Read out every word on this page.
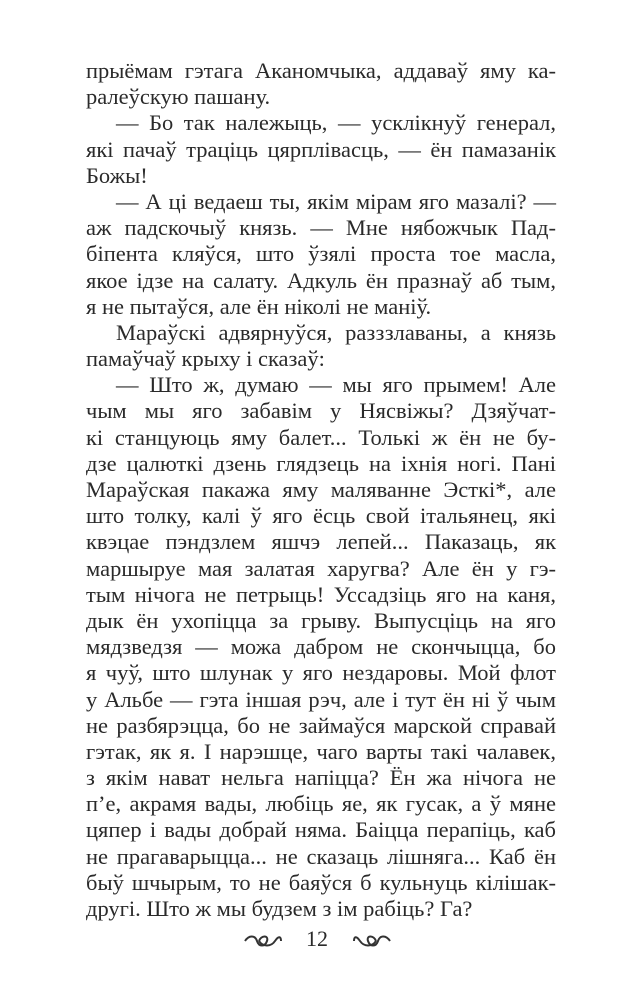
прыёмам гэтага Аканомчыка, аддаваў яму ка-
ралеўскую пашану.
— Бо так належыць, — усклікнуў генерал,
які пачаў траціць цярплівасць, — ён памазанік
Божы!
— А ці ведаеш ты, якім мірам яго мазалі? —
аж падскочыў князь. — Мне нябожчык Пад-
біпента кляўся, што ўзялі проста тое масла,
якое ідзе на салату. Адкуль ён празнаў аб тым,
я не пытаўся, але ён ніколі не маніў.
Мараўскі адвярнуўся, разззлаваны, а князь
памаўчаў крыху і сказаў:
— Што ж, думаю — мы яго прымем! Але
чым мы яго забавім у Нясвіжы? Дзяўчат-
кі станцуюць яму балет... Толькі ж ён не бу-
дзе цалюткі дзень глядзець на іхнія ногі. Пані
Мараўская пакажа яму маляванне Эсткі*, але
што толку, калі ў яго ёсць свой італьянец, які
квэцае пэндзлем яшчэ лепей... Паказаць, як
маршыруе мая залатая харугва? Але ён у гэ-
тым нічога не петрыць! Уссадзіць яго на каня,
дык ён ухопіцца за грыву. Выпусціць на яго
мядзведзя — можа дабром не скончыцца, бо
я чуў, што шлунак у яго нездаровы. Мой флот
у Альбе — гэта іншая рэч, але і тут ён ні ў чым
не разбярэцца, бо не займаўся марской справай
гэтак, як я. І нарэшце, чаго варты такі чалавек,
з якім нават нельга напіцца? Ён жа нічога не
п’е, акрамя вады, любіць яе, як гусак, а ў мяне
цяпер і вады добрай няма. Баіцца перапіць, каб
не прагаварыцца... не сказаць лішняга... Каб ён
быў шчырым, то не баяўся б кульнуць кілішак-
другі. Што ж мы будзем з ім рабіць? Га?
12
